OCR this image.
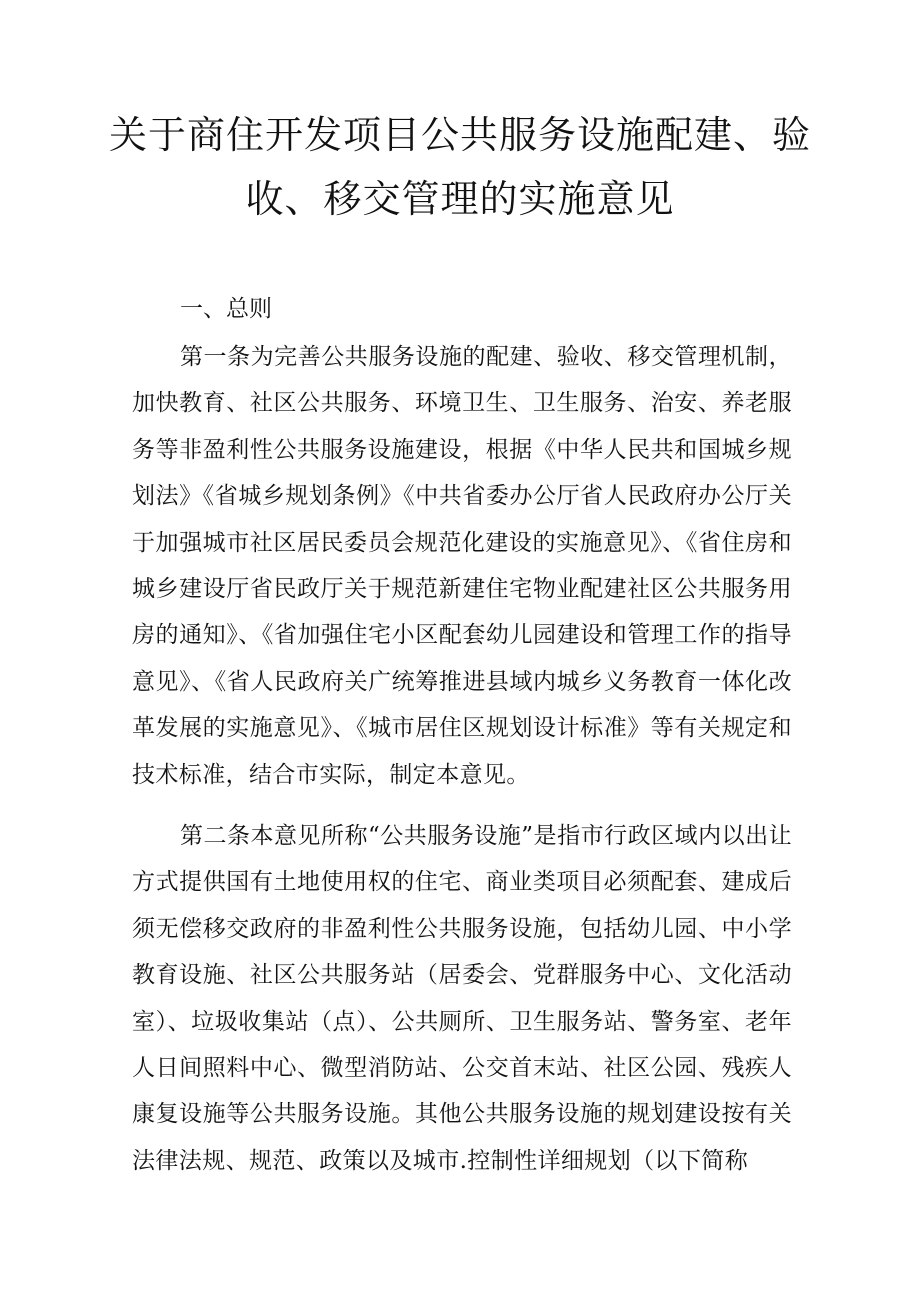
关于商住开发项目公共服务设施配建、验
收、移交管理的实施意见
一、总则

第一条为完善公共服务设施的配建、验收、移交管理机制，加快教育、社区公共服务、环境卫生、卫生服务、治安、养老服务等非盈利性公共服务设施建设，根据《中华人民共和国城乡规划法》《省城乡规划条例》《中共省委办公厅省人民政府办公厅关于加强城市社区居民委员会规范化建设的实施意见》、《省住房和城乡建设厅省民政厅关于规范新建住宅物业配建社区公共服务用房的通知》、《省加强住宅小区配套幼儿园建设和管理工作的指导意见》、《省人民政府关广统筹推进县域内城乡义务教育一体化改革发展的实施意见》、《城市居住区规划设计标准》等有关规定和技术标准，结合市实际，制定本意见。

第二条本意见所称“公共服务设施”是指市行政区域内以出让方式提供国有土地使用权的住宅、商业类项目必须配套、建成后须无偿移交政府的非盈利性公共服务设施，包括幼儿园、中小学教育设施、社区公共服务站（居委会、党群服务中心、文化活动室）、垃圾收集站（点）、公共厕所、卫生服务站、警务室、老年人日间照料中心、微型消防站、公交首末站、社区公园、残疾人康复设施等公共服务设施。其他公共服务设施的规划建设按有关法律法规、规范、政策以及城市.控制性详细规划（以下简称
